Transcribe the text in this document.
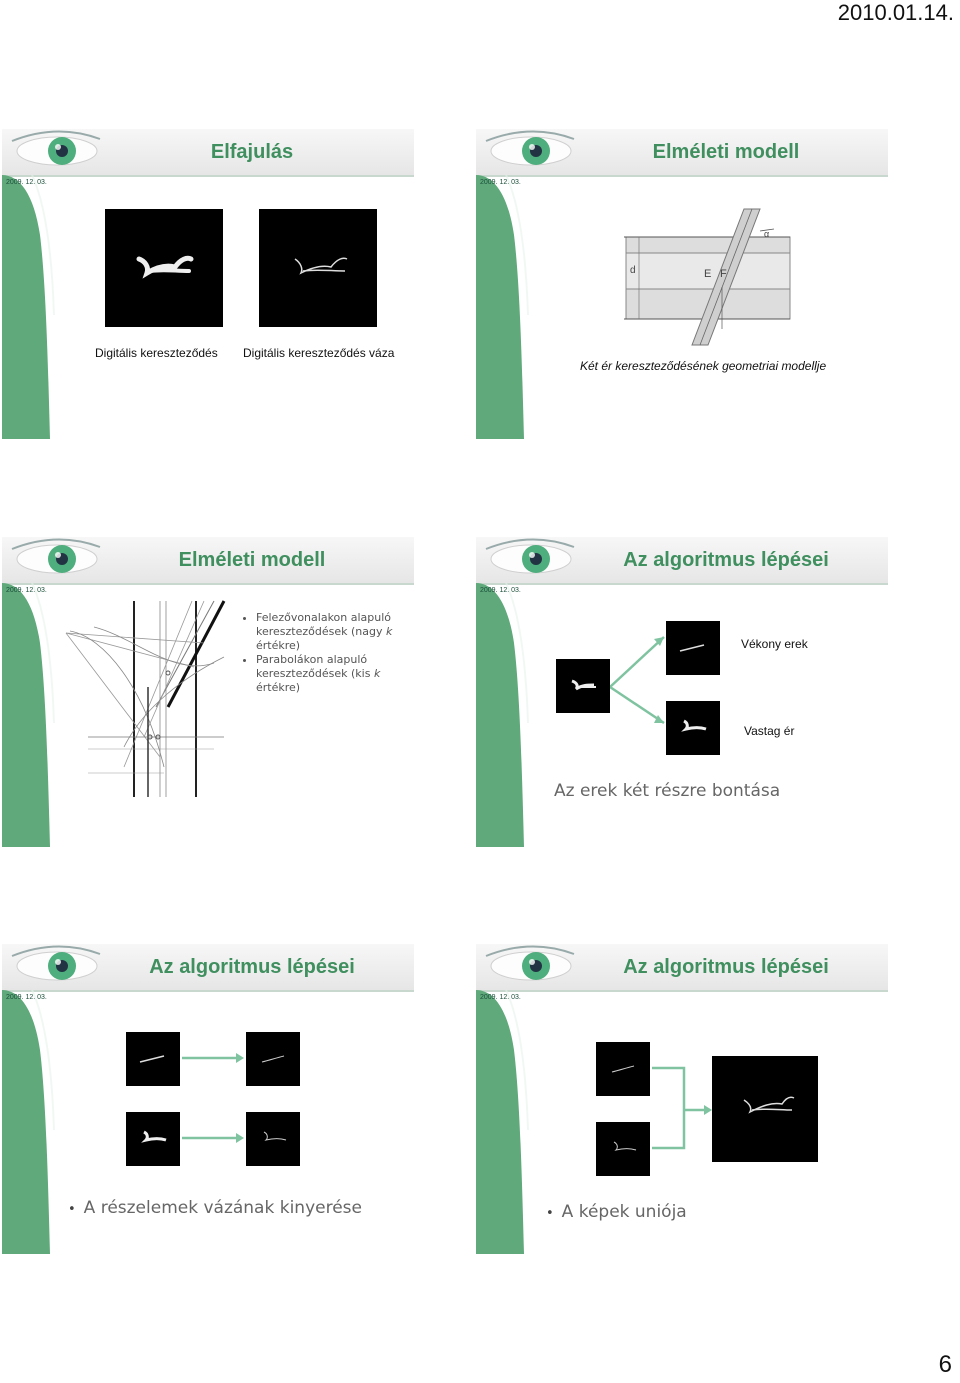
2010.01.14.
Elfajulás
2009. 12. 03.
Digitális kereszteződés Digitális kereszteződés váza
Elméleti modell
2009. 12. 03.
d	E F
α
Két ér kereszteződésének geometriai modellje
Elméleti modell
2009. 12. 03.
• Felezővonalakon alapuló kereszteződések (nagy k értékre)
• Parabolákon alapuló kereszteződések (kis k értékre)
Az algoritmus lépései
2009. 12. 03.
Vékony erek
Vastag ér
Az erek két részre bontása
Az algoritmus lépései
2009. 12. 03.
• A részelemek vázának kinyerése
Az algoritmus lépései
2009. 12. 03.
• A képek uniója
6
